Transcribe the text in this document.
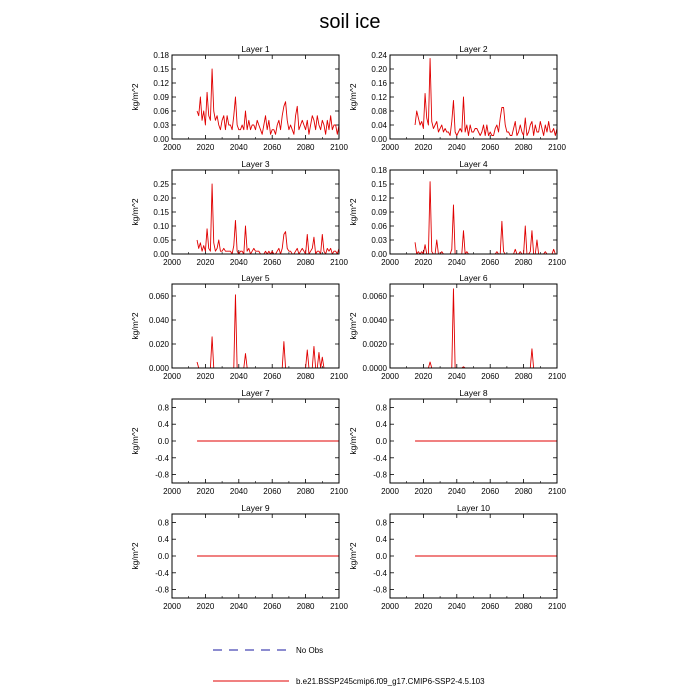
soil ice
Layer 1
kg/m^2
2000 2020 2040 2060 2080 2100
0.00
0.03
0.06
0.09
0.12
0.15
0.18
Layer 2
kg/m^2
2000 2020 2040 2060 2080 2100
0.00
0.04
0.08
0.12
0.16
0.20
0.24
Layer 3
kg/m^2
2000 2020 2040 2060 2080 2100
0.00
0.05
0.10
0.15
0.20
0.25
Layer 4
kg/m^2
2000 2020 2040 2060 2080 2100
0.00
0.03
0.06
0.09
0.12
0.15
0.18
Layer 5
kg/m^2
2000 2020 2040 2060 2080 2100
0.000
0.020
0.040
0.060
Layer 6
kg/m^2
2000 2020 2040 2060 2080 2100
0.0000
0.0020
0.0040
0.0060
Layer 7
kg/m^2
2000 2020 2040 2060 2080 2100
-0.8
-0.4
0.0
0.4
0.8
Layer 8
kg/m^2
2000 2020 2040 2060 2080 2100
-0.8
-0.4
0.0
0.4
0.8
Layer 9
kg/m^2
2000 2020 2040 2060 2080 2100
-0.8
-0.4
0.0
0.4
0.8
Layer 10
kg/m^2
2000 2020 2040 2060 2080 2100
-0.8
-0.4
0.0
0.4
0.8
No Obs
b.e21.BSSP245cmip6.f09_g17.CMIP6-SSP2-4.5.103
